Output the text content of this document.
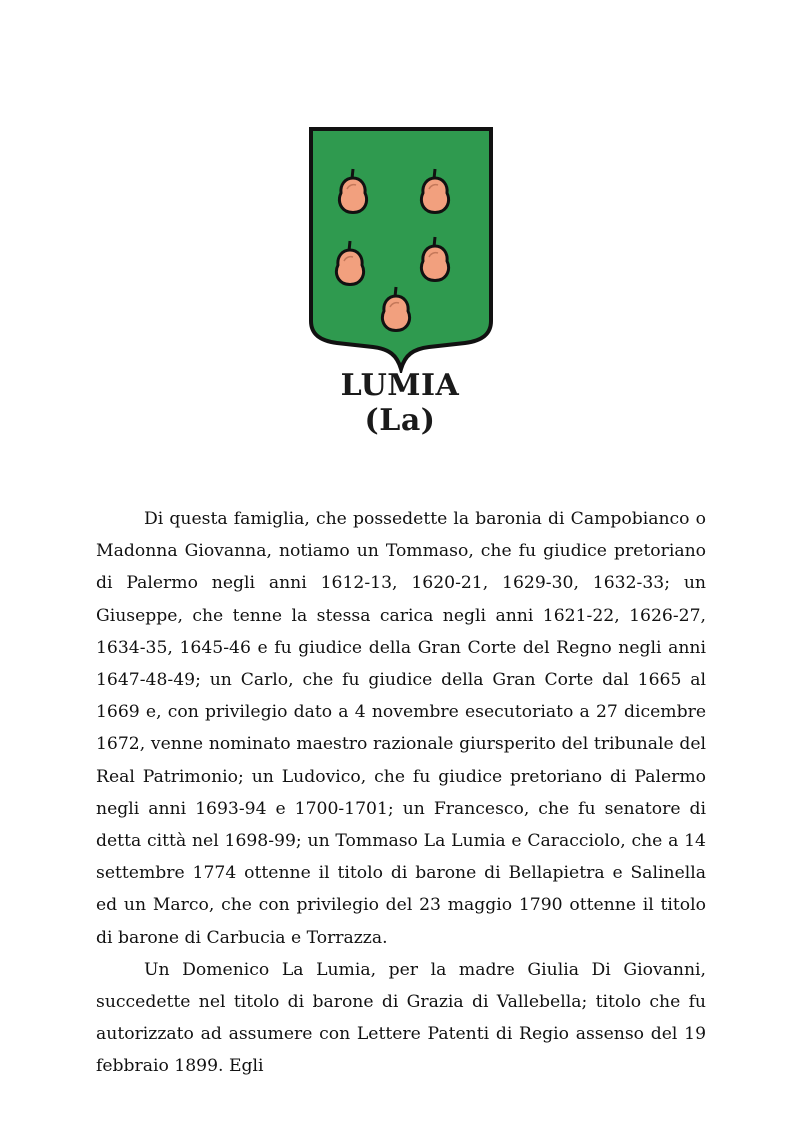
LUMIA (La)

Di questa famiglia, che possedette la baronia di Campobianco o Madonna Giovanna, notiamo un Tommaso, che fu giudice pretoriano di Palermo negli anni 1612-13, 1620-21, 1629-30, 1632-33; un Giuseppe, che tenne la stessa carica negli anni 1621-22, 1626-27, 1634-35, 1645-46 e fu giudice della Gran Corte del Regno negli anni 1647-48-49; un Carlo, che fu giudice della Gran Corte dal 1665 al 1669 e, con privilegio dato a 4 novembre esecutoriato a 27 dicembre 1672, venne nominato maestro razionale giursperito del tribunale del Real Patrimonio; un Ludovico, che fu giudice pretoriano di Palermo negli anni 1693-94 e 1700-1701; un Francesco, che fu senatore di detta città nel 1698-99; un Tommaso La Lumia e Caracciolo, che a 14 settembre 1774 ottenne il titolo di barone di Bellapietra e Salinella ed un Marco, che con privilegio del 23 maggio 1790 ottenne il titolo di barone di Carbucia e Torrazza.

Un Domenico La Lumia, per la madre Giulia Di Giovanni, succedette nel titolo di barone di Grazia di Vallebella; titolo che fu autorizzato ad assumere con Lettere Patenti di Regio assenso del 19 febbraio 1899. Egli
